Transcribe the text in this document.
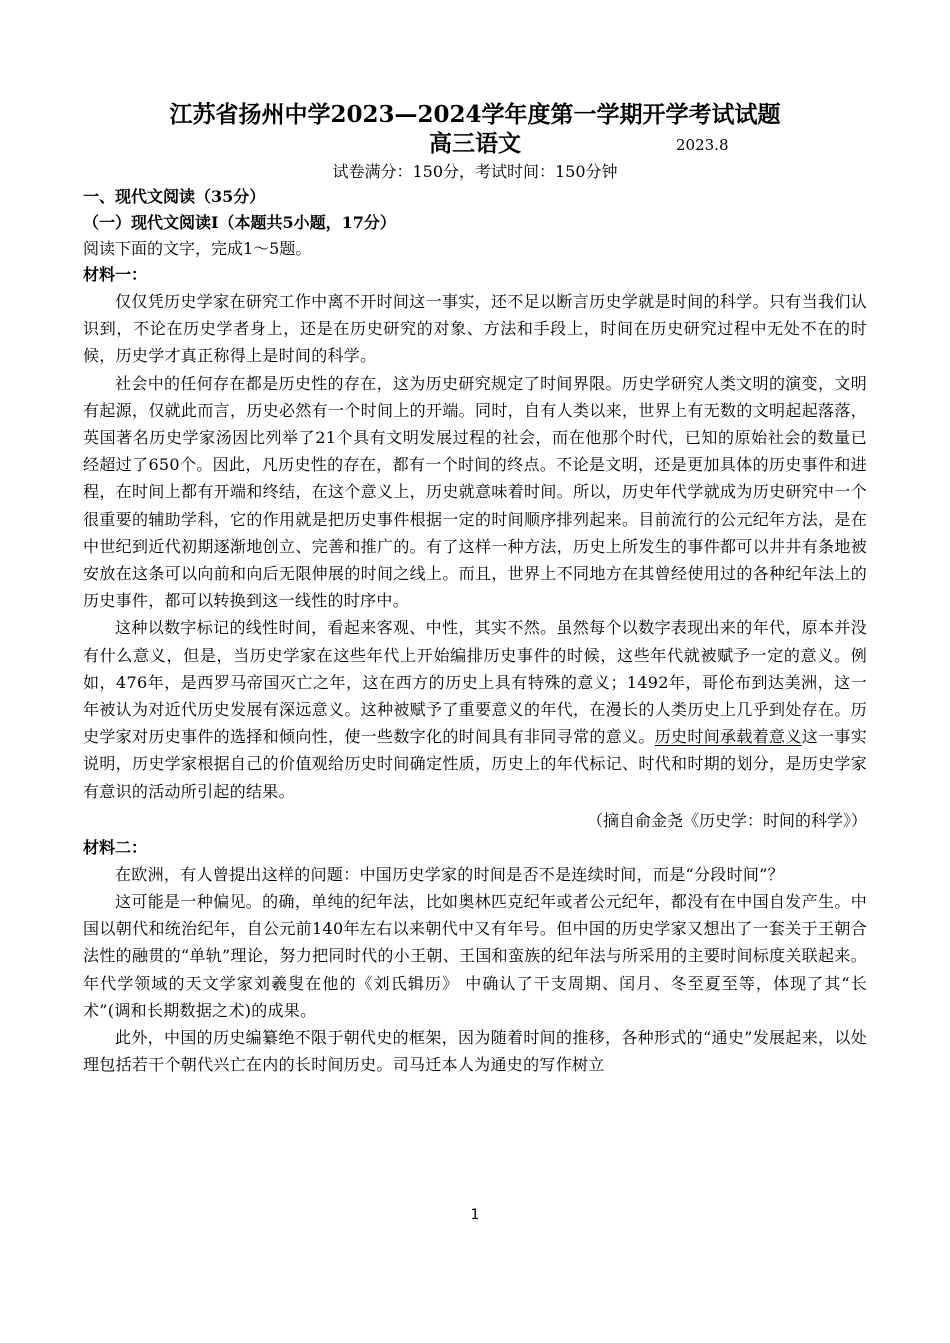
江苏省扬州中学2023—2024学年度第一学期开学考试试题
高三语文	2023.8
试卷满分：150分，考试时间：150分钟
一、现代文阅读（35分）
（一）现代文阅读Ⅰ（本题共5小题，17分）
阅读下面的文字，完成1～5题。
材料一：

仅仅凭历史学家在研究工作中离不开时间这一事实，还不足以断言历史学就是时间的科学。只有当我们认识到，不论在历史学者身上，还是在历史研究的对象、方法和手段上，时间在历史研究过程中无处不在的时候，历史学才真正称得上是时间的科学。

社会中的任何存在都是历史性的存在，这为历史研究规定了时间界限。历史学研究人类文明的演变，文明有起源，仅就此而言，历史必然有一个时间上的开端。同时，自有人类以来，世界上有无数的文明起起落落，英国著名历史学家汤因比列举了21个具有文明发展过程的社会，而在他那个时代，已知的原始社会的数量已经超过了650个。因此，凡历史性的存在，都有一个时间的终点。不论是文明，还是更加具体的历史事件和进程，在时间上都有开端和终结，在这个意义上，历史就意味着时间。所以，历史年代学就成为历史研究中一个很重要的辅助学科，它的作用就是把历史事件根据一定的时间顺序排列起来。目前流行的公元纪年方法，是在中世纪到近代初期逐渐地创立、完善和推广的。有了这样一种方法，历史上所发生的事件都可以井井有条地被安放在这条可以向前和向后无限伸展的时间之线上。而且，世界上不同地方在其曾经使用过的各种纪年法上的历史事件，都可以转换到这一线性的时序中。

这种以数字标记的线性时间，看起来客观、中性，其实不然。虽然每个以数字表现出来的年代，原本并没有什么意义，但是，当历史学家在这些年代上开始编排历史事件的时候，这些年代就被赋予一定的意义。例如，476年，是西罗马帝国灭亡之年，这在西方的历史上具有特殊的意义；1492年，哥伦布到达美洲，这一年被认为对近代历史发展有深远意义。这种被赋予了重要意义的年代，在漫长的人类历史上几乎到处存在。历史学家对历史事件的选择和倾向性，使一些数字化的时间具有非同寻常的意义。历史时间承载着意义这一事实说明，历史学家根据自己的价值观给历史时间确定性质，历史上的年代标记、时代和时期的划分，是历史学家有意识的活动所引起的结果。

（摘自俞金尧《历史学：时间的科学》）
材料二：

在欧洲，有人曾提出这样的问题：中国历史学家的时间是否不是连续时间，而是“分段时间”？

这可能是一种偏见。的确，单纯的纪年法，比如奥林匹克纪年或者公元纪年，都没有在中国自发产生。中国以朝代和统治纪年，自公元前140年左右以来朝代中又有年号。但中国的历史学家又想出了一套关于王朝合法性的融贯的“单轨”理论，努力把同时代的小王朝、王国和蛮族的纪年法与所采用的主要时间标度关联起来。年代学领域的天文学家刘羲叟在他的《刘氏辑历》 中确认了干支周期、闰月、冬至夏至等，体现了其“长术”(调和长期数据之术)的成果。

此外，中国的历史编纂绝不限于朝代史的框架，因为随着时间的推移，各种形式的“通史”发展起来，以处理包括若干个朝代兴亡在内的长时间历史。司马迁本人为通史的写作树立

1
